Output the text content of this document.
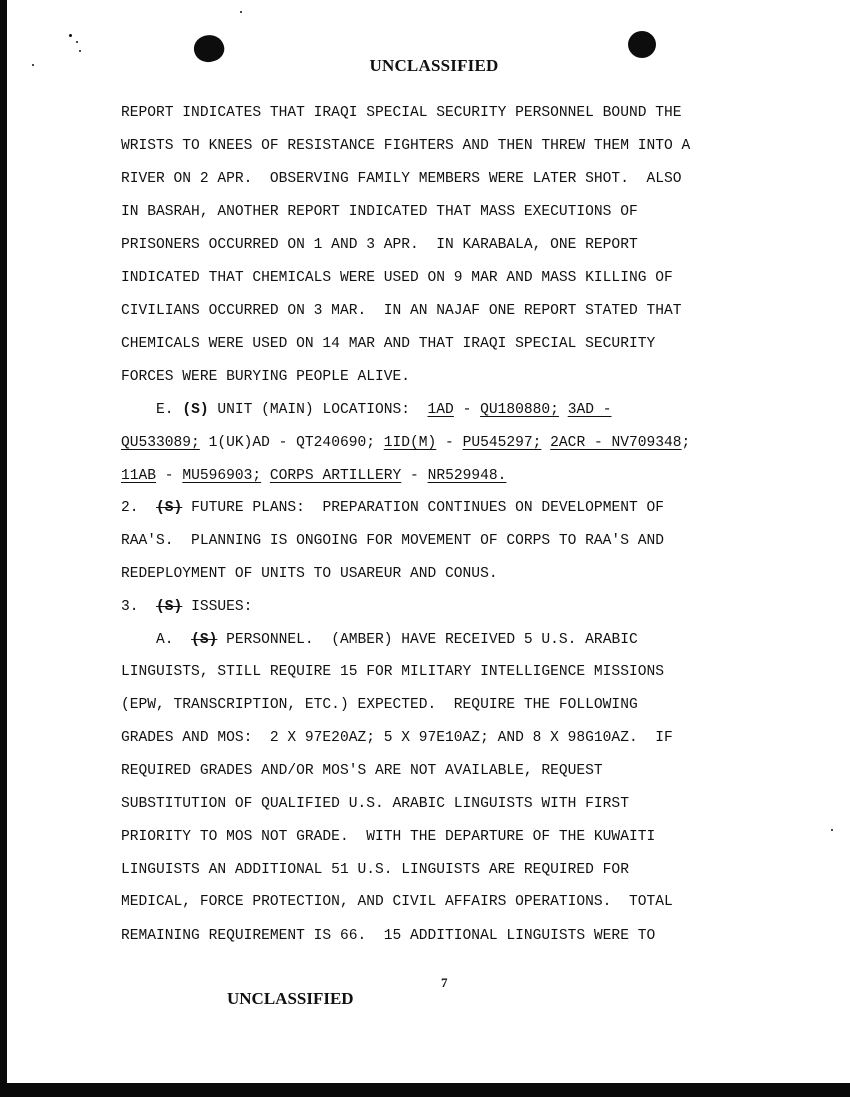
UNCLASSIFIED
REPORT INDICATES THAT IRAQI SPECIAL SECURITY PERSONNEL BOUND THE
WRISTS TO KNEES OF RESISTANCE FIGHTERS AND THEN THREW THEM INTO A
RIVER ON 2 APR.  OBSERVING FAMILY MEMBERS WERE LATER SHOT.  ALSO
IN BASRAH, ANOTHER REPORT INDICATED THAT MASS EXECUTIONS OF
PRISONERS OCCURRED ON 1 AND 3 APR.  IN KARABALA, ONE REPORT
INDICATED THAT CHEMICALS WERE USED ON 9 MAR AND MASS KILLING OF
CIVILIANS OCCURRED ON 3 MAR.  IN AN NAJAF ONE REPORT STATED THAT
CHEMICALS WERE USED ON 14 MAR AND THAT IRAQI SPECIAL SECURITY
FORCES WERE BURYING PEOPLE ALIVE.
E. (S) UNIT (MAIN) LOCATIONS: 1AD - QU180880; 3AD -
QU533089; 1(UK)AD - QT240690; 1ID(M) - PU545297; 2ACR - NV709348;
11AB - MU596903; CORPS ARTILLERY - NR529948.
2. (S) FUTURE PLANS:  PREPARATION CONTINUES ON DEVELOPMENT OF
RAA'S.  PLANNING IS ONGOING FOR MOVEMENT OF CORPS TO RAA'S AND
REDEPLOYMENT OF UNITS TO USAREUR AND CONUS.
3. (S) ISSUES:
A. (S) PERSONNEL.  (AMBER) HAVE RECEIVED 5 U.S. ARABIC
LINGUISTS, STILL REQUIRE 15 FOR MILITARY INTELLIGENCE MISSIONS
(EPW, TRANSCRIPTION, ETC.) EXPECTED.  REQUIRE THE FOLLOWING
GRADES AND MOS:  2 X 97E20AZ; 5 X 97E10AZ; AND 8 X 98G10AZ.  IF
REQUIRED GRADES AND/OR MOS'S ARE NOT AVAILABLE, REQUEST
SUBSTITUTION OF QUALIFIED U.S. ARABIC LINGUISTS WITH FIRST
PRIORITY TO MOS NOT GRADE.  WITH THE DEPARTURE OF THE KUWAITI
LINGUISTS AN ADDITIONAL 51 U.S. LINGUISTS ARE REQUIRED FOR
MEDICAL, FORCE PROTECTION, AND CIVIL AFFAIRS OPERATIONS.  TOTAL
REMAINING REQUIREMENT IS 66.  15 ADDITIONAL LINGUISTS WERE TO
7
UNCLASSIFIED
